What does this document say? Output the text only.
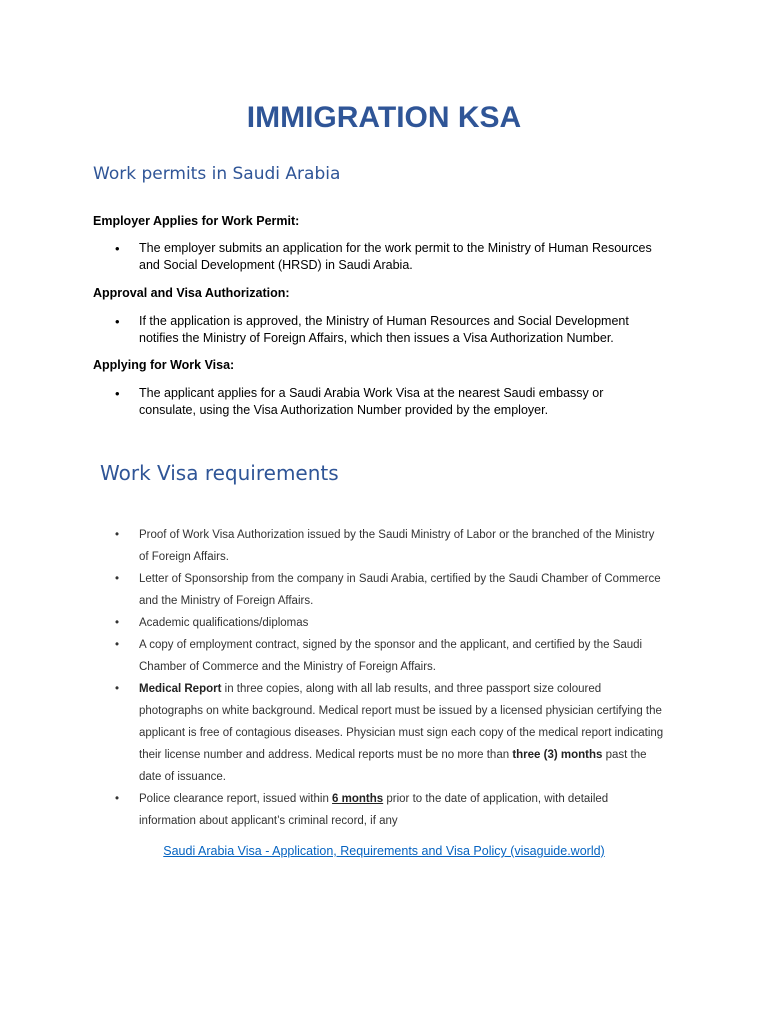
IMMIGRATION KSA
Work permits in Saudi Arabia

Employer Applies for Work Permit:

• The employer submits an application for the work permit to the Ministry of Human Resources and Social Development (HRSD) in Saudi Arabia.

Approval and Visa Authorization:

• If the application is approved, the Ministry of Human Resources and Social Development notifies the Ministry of Foreign Affairs, which then issues a Visa Authorization Number.

Applying for Work Visa:

• The applicant applies for a Saudi Arabia Work Visa at the nearest Saudi embassy or consulate, using the Visa Authorization Number provided by the employer.

Work Visa requirements
• Proof of Work Visa Authorization issued by the Saudi Ministry of Labor or the branched of the Ministry of Foreign Affairs.
• Letter of Sponsorship from the company in Saudi Arabia, certified by the Saudi Chamber of Commerce and the Ministry of Foreign Affairs.
• Academic qualifications/diplomas
• A copy of employment contract, signed by the sponsor and the applicant, and certified by the Saudi Chamber of Commerce and the Ministry of Foreign Affairs.
• Medical Report in three copies, along with all lab results, and three passport size coloured photographs on white background. Medical report must be issued by a licensed physician certifying the applicant is free of contagious diseases. Physician must sign each copy of the medical report indicating their license number and address. Medical reports must be no more than three (3) months past the date of issuance.
• Police clearance report, issued within 6 months prior to the date of application, with detailed information about applicant’s criminal record, if any
Saudi Arabia Visa - Application, Requirements and Visa Policy (visaguide.world)
